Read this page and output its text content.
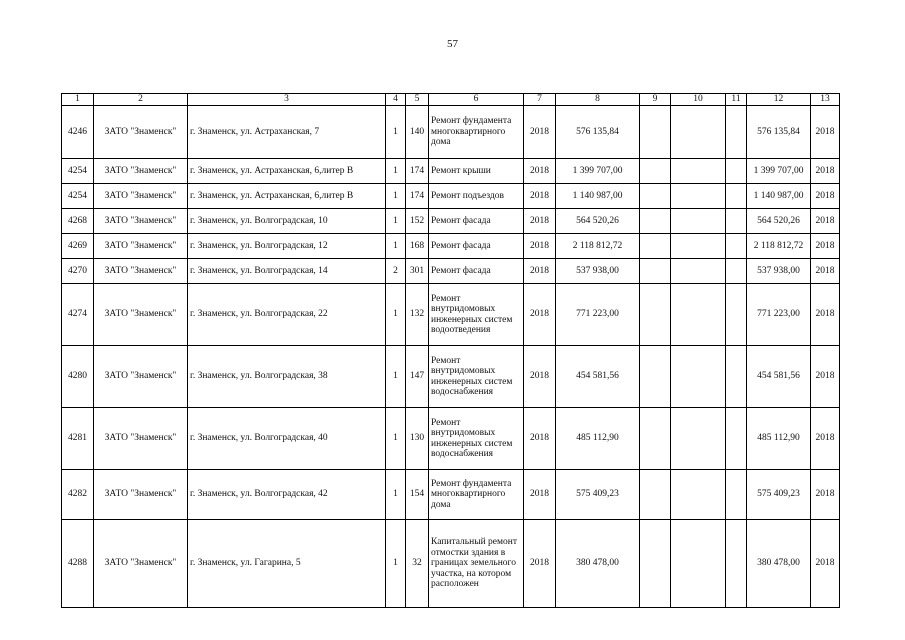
57
1	2	3	4	5	6	7	8	9	10	11	12	13
4246	ЗАТО "Знаменск"	г. Знаменск, ул. Астраханская, 7	1	140	Ремонт фундамента многоквартирного дома	2018	576 135,84				576 135,84	2018
4254	ЗАТО "Знаменск"	г. Знаменск, ул. Астраханская, 6,литер В	1	174	Ремонт крыши	2018	1 399 707,00				1 399 707,00	2018
4254	ЗАТО "Знаменск"	г. Знаменск, ул. Астраханская, 6,литер В	1	174	Ремонт подъездов	2018	1 140 987,00				1 140 987,00	2018
4268	ЗАТО "Знаменск"	г. Знаменск, ул. Волгоградская, 10	1	152	Ремонт фасада	2018	564 520,26				564 520,26	2018
4269	ЗАТО "Знаменск"	г. Знаменск, ул. Волгоградская, 12	1	168	Ремонт фасада	2018	2 118 812,72				2 118 812,72	2018
4270	ЗАТО "Знаменск"	г. Знаменск, ул. Волгоградская, 14	2	301	Ремонт фасада	2018	537 938,00				537 938,00	2018
4274	ЗАТО "Знаменск"	г. Знаменск, ул. Волгоградская, 22	1	132	Ремонт внутридомовых инженерных систем водоотведения	2018	771 223,00				771 223,00	2018
4280	ЗАТО "Знаменск"	г. Знаменск, ул. Волгоградская, 38	1	147	Ремонт внутридомовых инженерных систем водоснабжения	2018	454 581,56				454 581,56	2018
4281	ЗАТО "Знаменск"	г. Знаменск, ул. Волгоградская, 40	1	130	Ремонт внутридомовых инженерных систем водоснабжения	2018	485 112,90				485 112,90	2018
4282	ЗАТО "Знаменск"	г. Знаменск, ул. Волгоградская, 42	1	154	Ремонт фундамента многоквартирного дома	2018	575 409,23				575 409,23	2018
4288	ЗАТО "Знаменск"	г. Знаменск, ул. Гагарина, 5	1	32	Капитальный ремонт отмостки здания в границах земельного участка, на котором расположен	2018	380 478,00				380 478,00	2018
